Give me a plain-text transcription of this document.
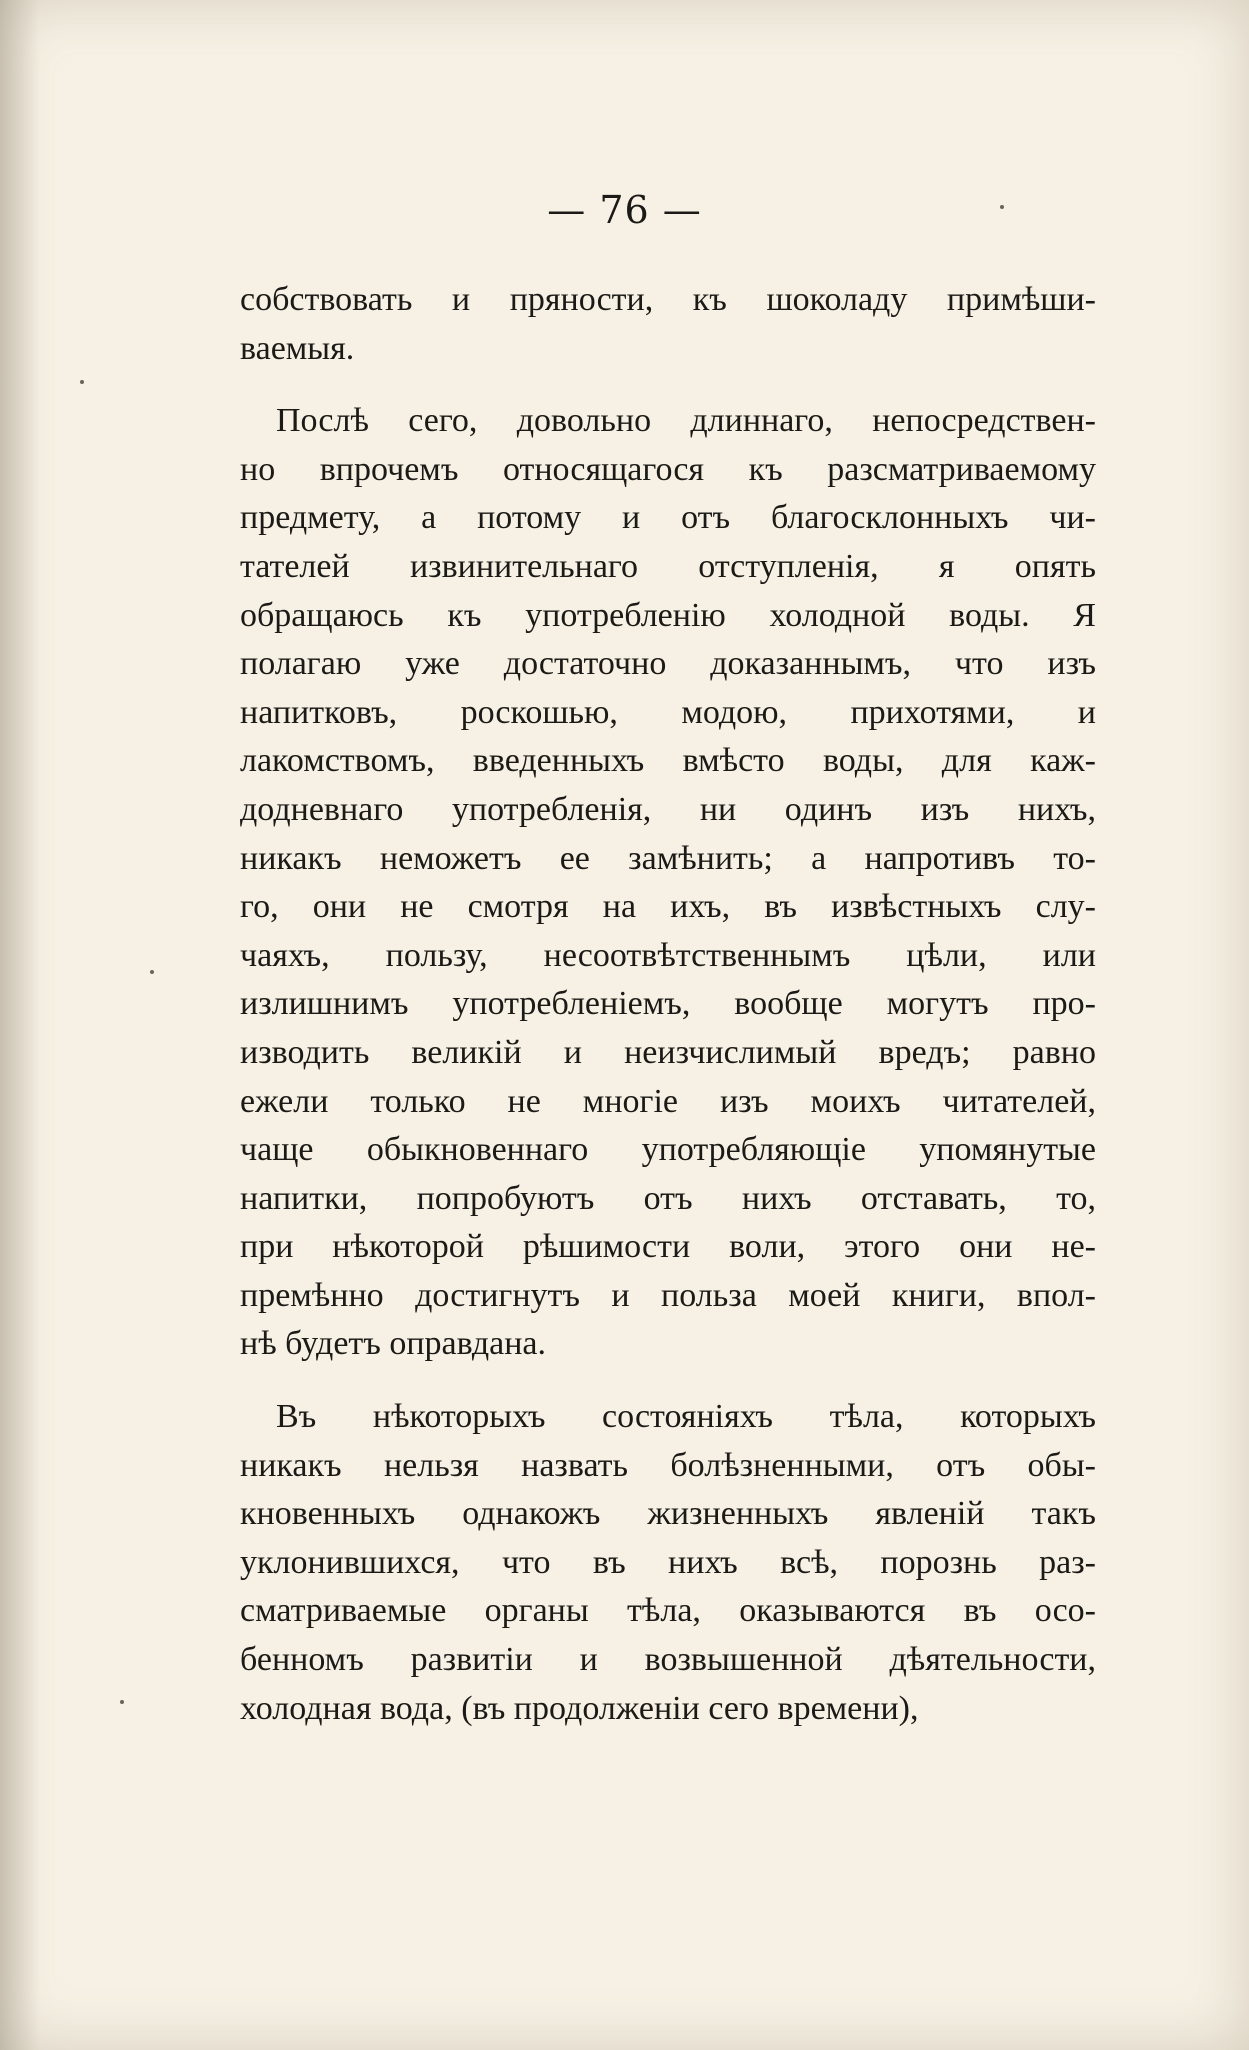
— 76 —
собствовать и пряности, къ шоколаду примѣши-
ваемыя.
Послѣ сего, довольно длиннаго, непосредствен-
но впрочемъ относящагося къ разсматриваемому
предмету, а потому и отъ благосклонныхъ чи-
тателей извинительнаго отступленія, я опять
обращаюсь къ употребленію холодной воды. Я
полагаю уже достаточно доказаннымъ, что изъ
напитковъ, роскошью, модою, прихотями, и
лакомствомъ, введенныхъ вмѣсто воды, для каж-
додневнаго употребленія, ни одинъ изъ нихъ,
никакъ неможетъ ее замѣнить; а напротивъ то-
го, они не смотря на ихъ, въ извѣстныхъ слу-
чаяхъ, пользу, несоотвѣтственнымъ цѣли, или
излишнимъ употребленіемъ, вообще могутъ про-
изводить великій и неизчислимый вредъ; равно
ежели только не многіе изъ моихъ читателей,
чаще обыкновеннаго употребляющіе упомянутые
напитки, попробуютъ отъ нихъ отставать, то,
при нѣкоторой рѣшимости воли, этого они не-
премѣнно достигнутъ и польза моей книги, впол-
нѣ будетъ оправдана.
Въ нѣкоторыхъ состояніяхъ тѣла, которыхъ
никакъ нельзя назвать болѣзненными, отъ обы-
кновенныхъ однакожъ жизненныхъ явленій такъ
уклонившихся, что въ нихъ всѣ, порознь раз-
сматриваемые органы тѣла, оказываются въ осо-
бенномъ развитіи и возвышенной дѣятельности,
холодная вода, (въ продолженіи сего времени),
